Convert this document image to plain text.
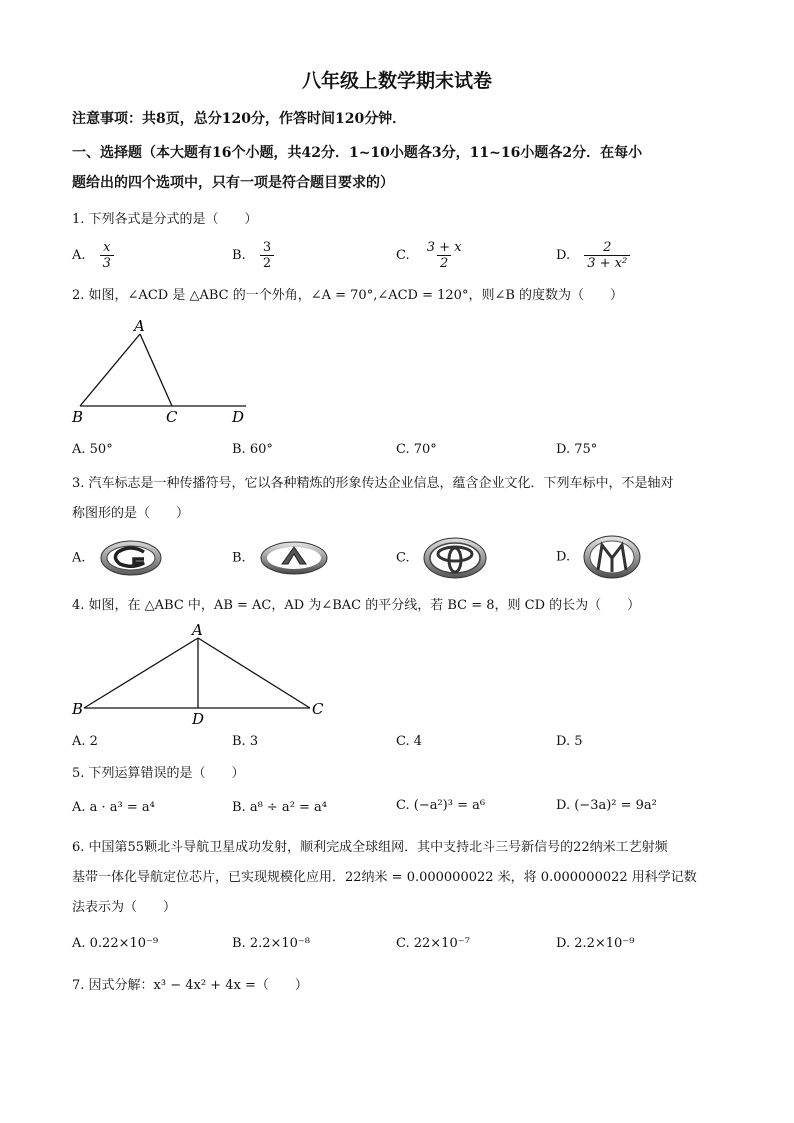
八年级上数学期末试卷
注意事项：共8页，总分120分，作答时间120分钟．
一、选择题（本大题有16个小题，共42分．1~10小题各3分，11~16小题各2分．在每小
题给出的四个选项中，只有一项是符合题目要求的）
1. 下列各式是分式的是（　　）
A. $\frac{x}{3}$	B. $\frac{3}{2}$	C. $\frac{3 + x}{2}$	D. $\frac{2}{\text{3 + x²}}$
2. 如图，∠ACD 是 △ABC 的一个外角，∠A = 70°,∠ACD = 120°，则∠B 的度数为（　　）
A
B	C	D
A. 50°	B. 60°	C. 70°	D. 75°
3. 汽车标志是一种传播符号，它以各种精炼的形象传达企业信息，蕴含企业文化．下列车标中，不是轴对
称图形的是（　　）
A.	B.	C.	D.
4. 如图，在 △ABC 中，AB = AC，AD 为∠BAC 的平分线，若 BC = 8，则 CD 的长为（　　）
A
B	C
D
A. 2	B. 3	C. 4	D. 5
5. 下列运算错误的是（　　）
A. a · a³ = a⁴	B. a⁸ ÷ a² = a⁴	C. (−a²)³ = a⁶	D. (−3a)² = 9a²
6. 中国第55颗北斗导航卫星成功发射，顺利完成全球组网．其中支持北斗三号新信号的22纳米工艺射频
基带一体化导航定位芯片，已实现规模化应用．22纳米 = 0.000000022 米，将 0.000000022 用科学记数
法表示为（　　）
A. 0.22×10⁻⁹	B. 2.2×10⁻⁸	C. 22×10⁻⁷	D. 2.2×10⁻⁹
7. 因式分解：x³ − 4x² + 4x =（　　）
